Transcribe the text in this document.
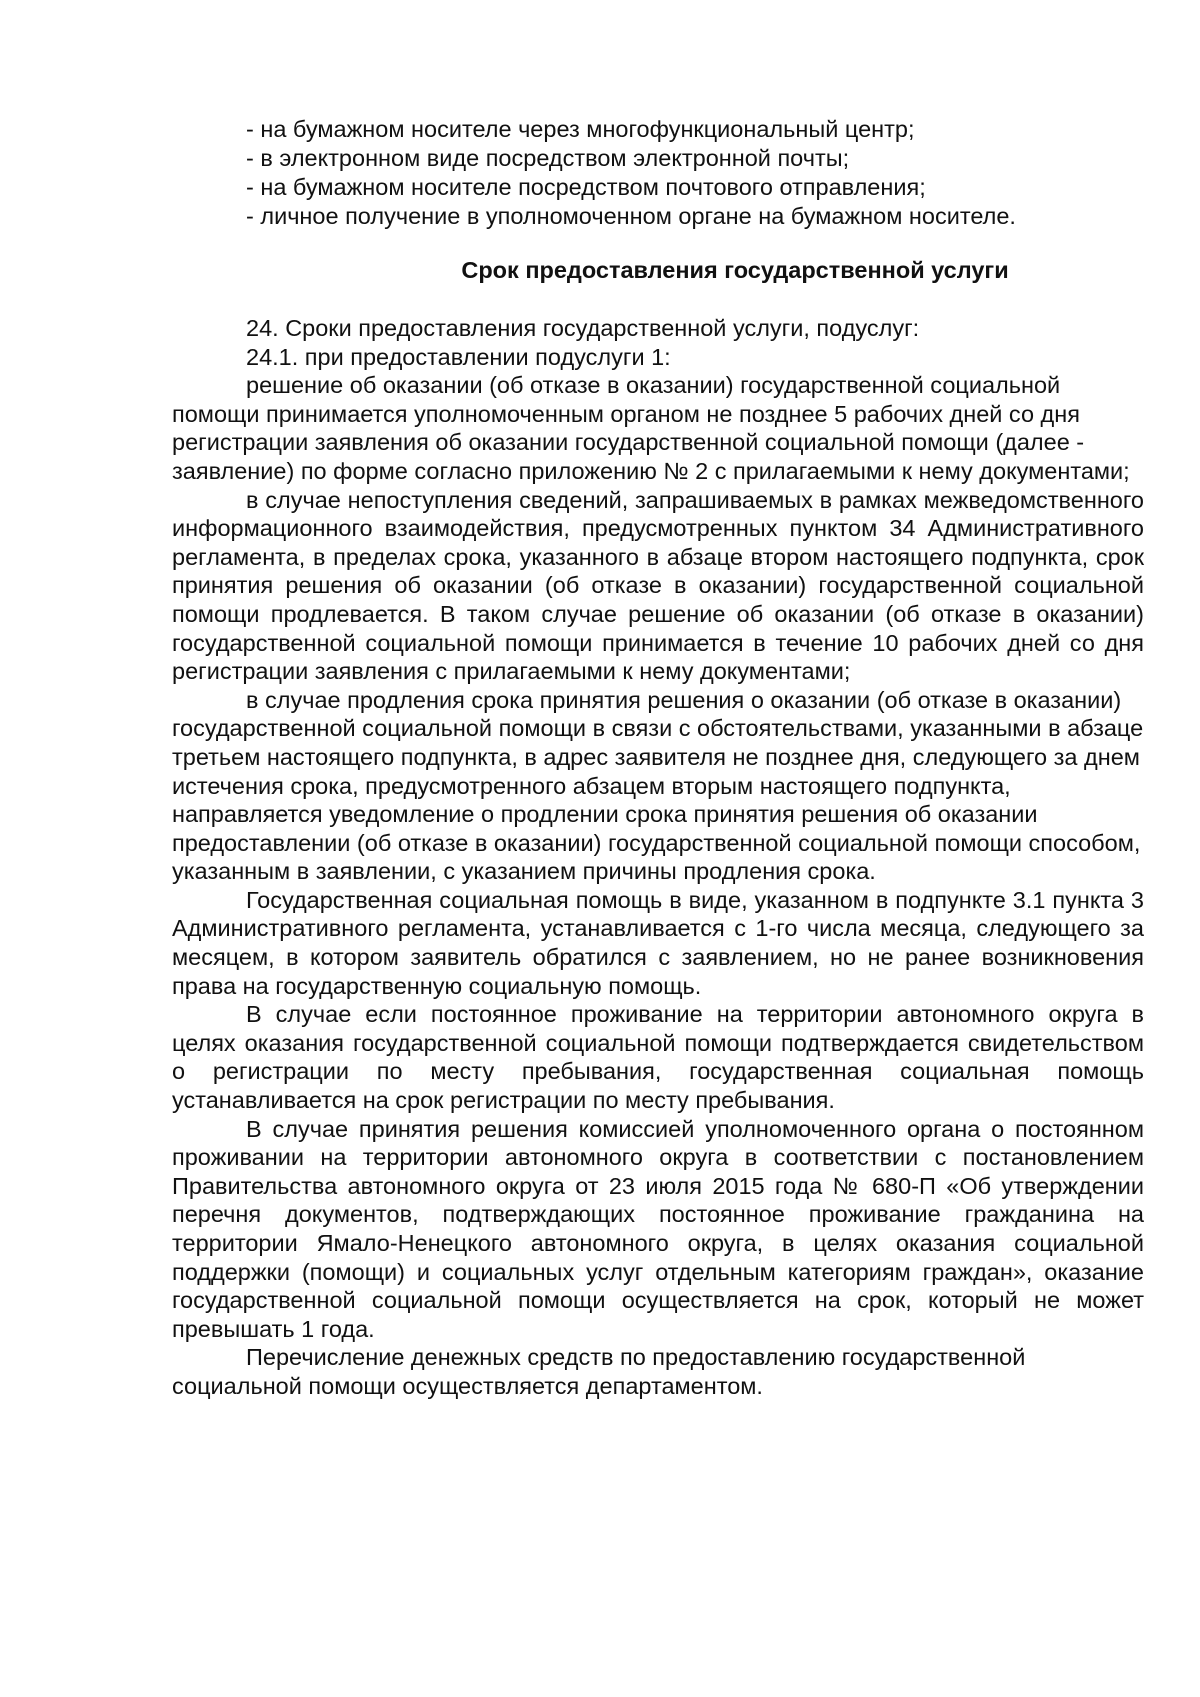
- на бумажном носителе через многофункциональный центр;
- в электронном виде посредством электронной почты;
- на бумажном носителе посредством почтового отправления;
- личное получение в уполномоченном органе на бумажном носителе.
Срок предоставления государственной услуги

24. Сроки предоставления государственной услуги, подуслуг:

24.1. при предоставлении подуслуги 1:

решение об оказании (об отказе в оказании) государственной социальной помощи принимается уполномоченным органом не позднее 5 рабочих дней со дня регистрации заявления об оказании государственной социальной помощи (далее - заявление) по форме согласно приложению № 2 с прилагаемыми к нему документами;

в случае непоступления сведений, запрашиваемых в рамках межведомственного информационного взаимодействия, предусмотренных пунктом 34 Административного регламента, в пределах срока, указанного в абзаце втором настоящего подпункта, срок принятия решения об оказании (об отказе в оказании) государственной социальной помощи продлевается. В таком случае решение об оказании (об отказе в оказании) государственной социальной помощи принимается в течение 10 рабочих дней со дня регистрации заявления с прилагаемыми к нему документами;

в случае продления срока принятия решения о оказании (об отказе в оказании) государственной социальной помощи в связи с обстоятельствами, указанными в абзаце третьем настоящего подпункта, в адрес заявителя не позднее дня, следующего за днем истечения срока, предусмотренного абзацем вторым настоящего подпункта, направляется уведомление о продлении срока принятия решения об оказании предоставлении (об отказе в оказании) государственной социальной помощи способом, указанным в заявлении, с указанием причины продления срока.

Государственная социальная помощь в виде, указанном в подпункте 3.1 пункта 3 Административного регламента, устанавливается с 1-го числа месяца, следующего за месяцем, в котором заявитель обратился с заявлением, но не ранее возникновения права на государственную социальную помощь.

В случае если постоянное проживание на территории автономного округа в целях оказания государственной социальной помощи подтверждается свидетельством о регистрации по месту пребывания, государственная социальная помощь устанавливается на срок регистрации по месту пребывания.

В случае принятия решения комиссией уполномоченного органа о постоянном проживании на территории автономного округа в соответствии с постановлением Правительства автономного округа от 23 июля 2015 года № 680-П «Об утверждении перечня документов, подтверждающих постоянное проживание гражданина на территории Ямало-Ненецкого автономного округа, в целях оказания социальной поддержки (помощи) и социальных услуг отдельным категориям граждан», оказание государственной социальной помощи осуществляется на срок, который не может превышать 1 года.

Перечисление денежных средств по предоставлению государственной социальной помощи осуществляется департаментом.
